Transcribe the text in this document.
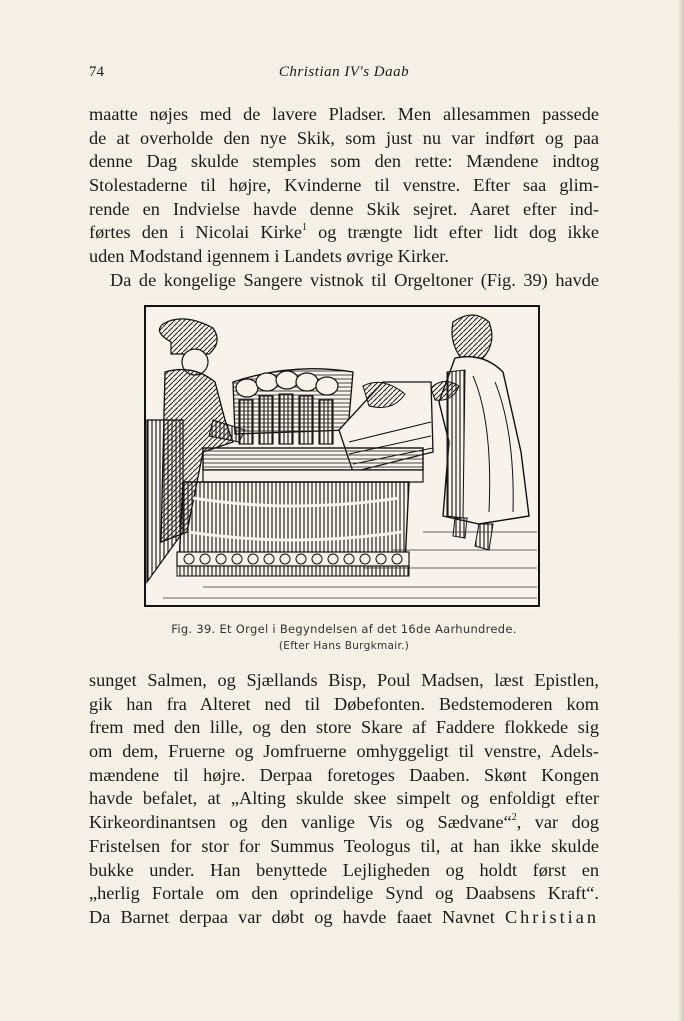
74	Christian IV's Daab
maatte nøjes med de lavere Pladser. Men allesammen passede
de at overholde den nye Skik, som just nu var indført og paa
denne Dag skulde stemples som den rette: Mændene indtog
Stolestaderne til højre, Kvinderne til venstre. Efter saa glim-
rende en Indvielse havde denne Skik sejret. Aaret efter ind-
førtes den i Nicolai Kirke$^1$ og trængte lidt efter lidt dog ikke
uden Modstand igennem i Landets øvrige Kirker.
Da de kongelige Sangere vistnok til Orgeltoner (Fig. 39) havde
Fig. 39. Et Orgel i Begyndelsen af det 16de Aarhundrede.
(Efter Hans Burgkmair.)
sunget Salmen, og Sjællands Bisp, Poul Madsen, læst Epistlen,
gik han fra Alteret ned til Døbefonten. Bedstemoderen kom
frem med den lille, og den store Skare af Faddere flokkede sig
om dem, Fruerne og Jomfruerne omhyggeligt til venstre, Adels-
mændene til højre. Derpaa foretoges Daaben. Skønt Kongen
havde befalet, at „Alting skulde skee simpelt og enfoldigt efter
Kirkeordinantsen og den vanlige Vis og Sædvane“$^2$, var dog
Fristelsen for stor for Summus Teologus til, at han ikke skulde
bukke under. Han benyttede Lejligheden og holdt først en
„herlig Fortale om den oprindelige Synd og Daabsens Kraft“.
Da Barnet derpaa var døbt og havde faaet Navnet Christian
